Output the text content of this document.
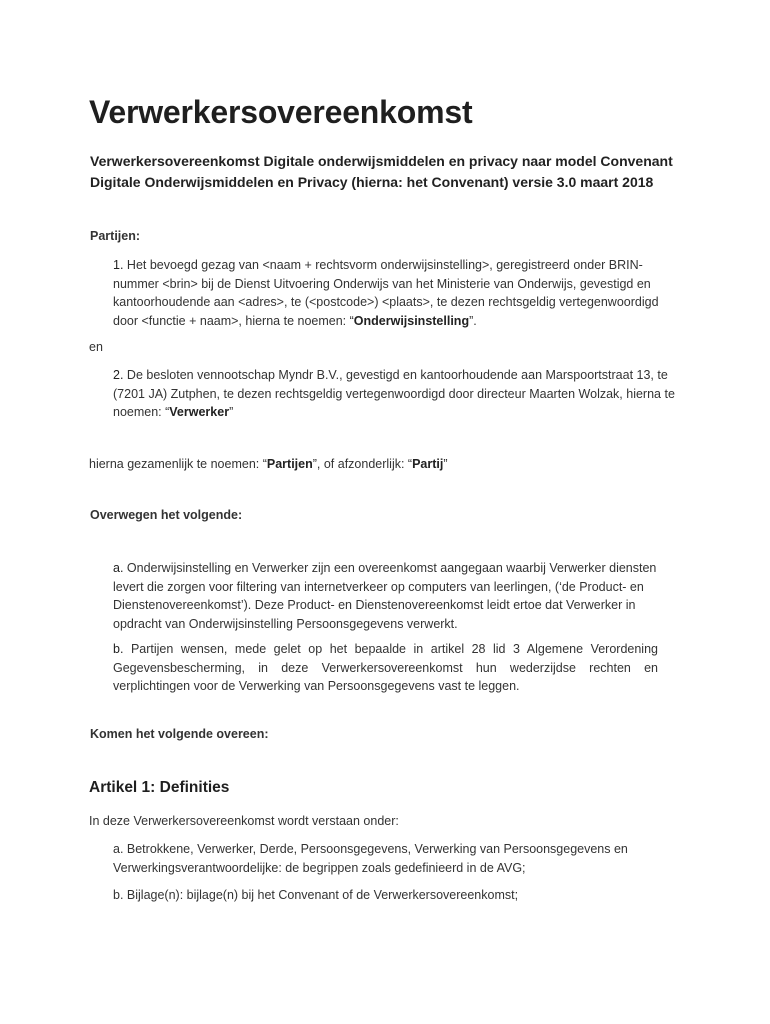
Verwerkersovereenkomst

Verwerkersovereenkomst Digitale onderwijsmiddelen en privacy naar model Convenant Digitale Onderwijsmiddelen en Privacy (hierna: het Convenant) versie 3.0 maart 2018

Partijen:

1. Het bevoegd gezag van <naam + rechtsvorm onderwijsinstelling>, geregistreerd onder BRIN-nummer <brin> bij de Dienst Uitvoering Onderwijs van het Ministerie van Onderwijs, gevestigd en kantoorhoudende aan <adres>, te (<postcode>) <plaats>, te dezen rechtsgeldig vertegenwoordigd door <functie + naam>, hierna te noemen: “Onderwijsinstelling”.

en

2. De besloten vennootschap Myndr B.V., gevestigd en kantoorhoudende aan Marspoortstraat 13, te (7201 JA) Zutphen, te dezen rechtsgeldig vertegenwoordigd door directeur Maarten Wolzak, hierna te noemen: “Verwerker”

hierna gezamenlijk te noemen: “Partijen”, of afzonderlijk: “Partij”

Overwegen het volgende:

a. Onderwijsinstelling en Verwerker zijn een overeenkomst aangegaan waarbij Verwerker diensten levert die zorgen voor filtering van internetverkeer op computers van leerlingen, (‘de Product- en Dienstenovereenkomst’). Deze Product- en Dienstenovereenkomst leidt ertoe dat Verwerker in opdracht van Onderwijsinstelling Persoonsgegevens verwerkt.

b. Partijen wensen, mede gelet op het bepaalde in artikel 28 lid 3 Algemene Verordening Gegevensbescherming, in deze Verwerkersovereenkomst hun wederzijdse rechten en verplichtingen voor de Verwerking van Persoonsgegevens vast te leggen.

Komen het volgende overeen:

Artikel 1: Definities

In deze Verwerkersovereenkomst wordt verstaan onder:

a. Betrokkene, Verwerker, Derde, Persoonsgegevens, Verwerking van Persoonsgegevens en Verwerkingsverantwoordelijke: de begrippen zoals gedefinieerd in de AVG;

b. Bijlage(n): bijlage(n) bij het Convenant of de Verwerkersovereenkomst;
